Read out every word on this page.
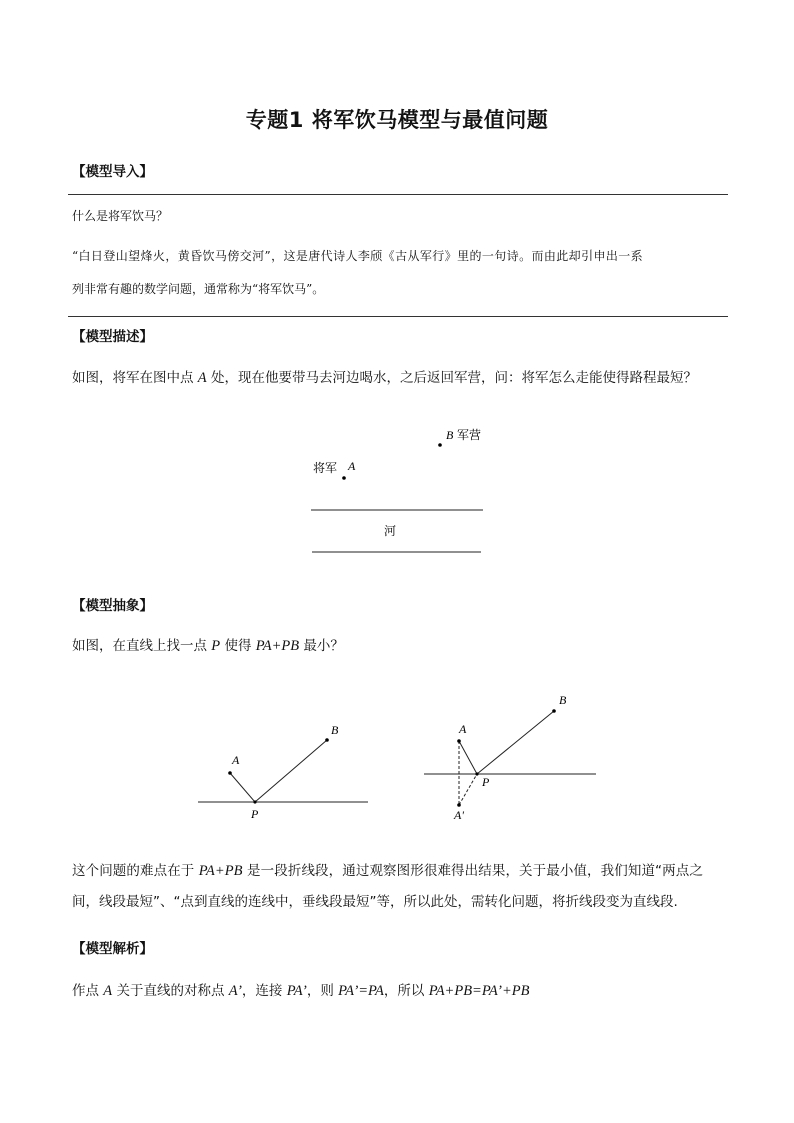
专题1 将军饮马模型与最值问题
【模型导入】
什么是将军饮马？
“白日登山望烽火，黄昏饮马傍交河”，这是唐代诗人李颀《古从军行》里的一句诗。而由此却引申出一系
列非常有趣的数学问题，通常称为“将军饮马”。
【模型描述】
如图，将军在图中点 A 处，现在他要带马去河边喝水，之后返回军营，问：将军怎么走能使得路程最短？
B 军营
将军 A
河
【模型抽象】
如图，在直线上找一点 P 使得 PA+PB 最小？
A
B
P
A
B
P
A'
这个问题的难点在于 PA+PB 是一段折线段，通过观察图形很难得出结果，关于最小值，我们知道“两点之
间，线段最短”、“点到直线的连线中，垂线段最短”等，所以此处，需转化问题，将折线段变为直线段.
【模型解析】
作点 A 关于直线的对称点 A’，连接 PA’，则 PA’=PA，所以 PA+PB=PA’+PB
